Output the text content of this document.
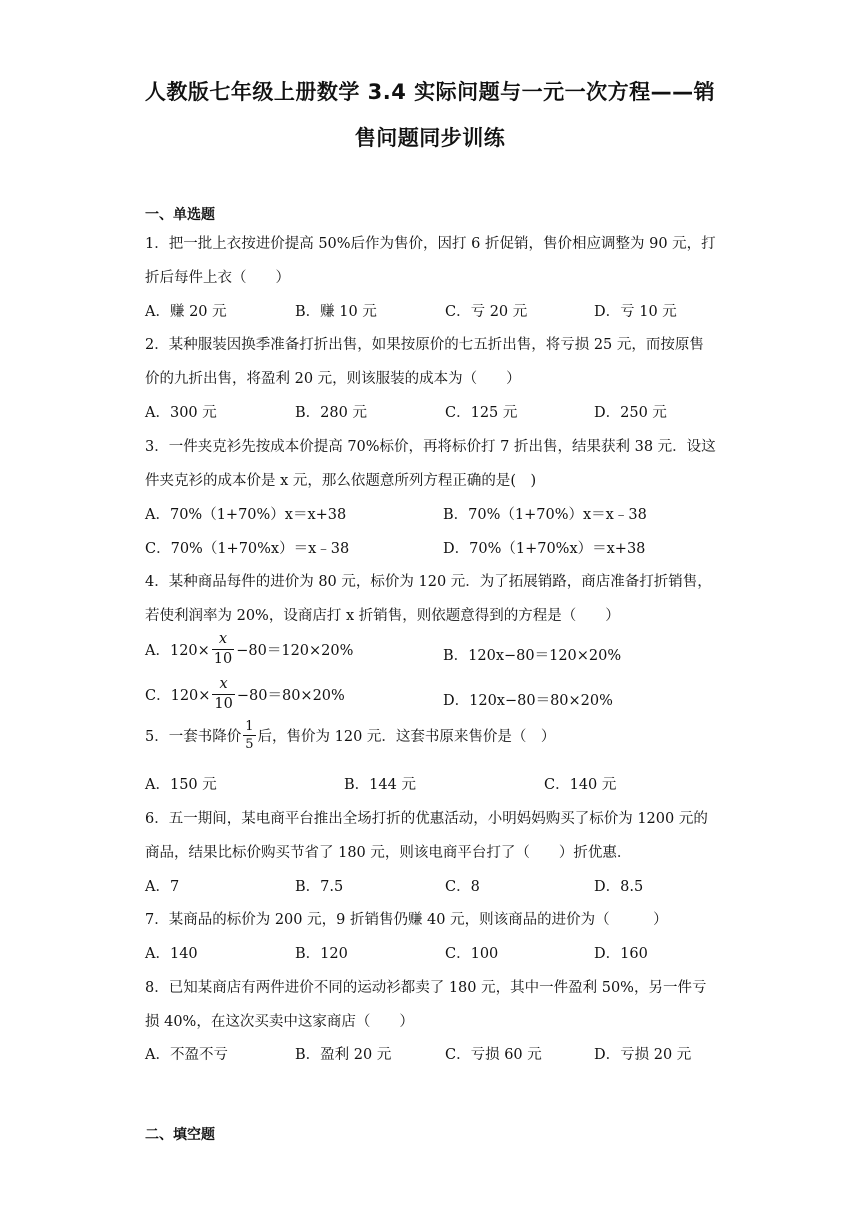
人教版七年级上册数学 3.4 实际问题与一元一次方程——销
售问题同步训练
一、单选题
1．把一批上衣按进价提高 50%后作为售价，因打 6 折促销，售价相应调整为 90 元，打
折后每件上衣（　　）
A．赚 20 元	B．赚 10 元	C．亏 20 元	D．亏 10 元
2．某种服装因换季准备打折出售，如果按原价的七五折出售，将亏损 25 元，而按原售
价的九折出售，将盈利 20 元，则该服装的成本为（　　）
A．300 元	B．280 元	C．125 元	D．250 元
3．一件夹克衫先按成本价提高 70%标价，再将标价打 7 折出售，结果获利 38 元．设这
件夹克衫的成本价是 x 元，那么依题意所列方程正确的是(　)
A．70%（1+70%）x＝x+38	B．70%（1+70%）x＝x﹣38
C．70%（1+70%x）＝x﹣38	D．70%（1+70%x）＝x+38
4．某种商品每件的进价为 80 元，标价为 120 元．为了拓展销路，商店准备打折销售，
若使利润率为 20%，设商店打 x 折销售，则依题意得到的方程是（　　）
A．$120\times \frac{x}{10} -80=120\times 20\%$	B．120x−80＝120×20%
C．$120\times \frac{x}{10} -80=80\times 20\%$	D．120x−80＝80×20%
5．一套书降价 $\frac{1}{5}$ 后，售价为 120 元．这套书原来售价是（　）
A．150 元	B．144 元	C．140 元
6．五一期间，某电商平台推出全场打折的优惠活动，小明妈妈购买了标价为 1200 元的
商品，结果比标价购买节省了 180 元，则该电商平台打了（　　）折优惠．
A．7	B．7.5	C．8	D．8.5
7．某商品的标价为 200 元，9 折销售仍赚 40 元，则该商品的进价为（　　　）
A．140	B．120	C．100	D．160
8．已知某商店有两件进价不同的运动衫都卖了 180 元，其中一件盈利 50%，另一件亏
损 40%，在这次买卖中这家商店（　　）
A．不盈不亏	B．盈利 20 元	C．亏损 60 元	D．亏损 20 元
二、填空题
